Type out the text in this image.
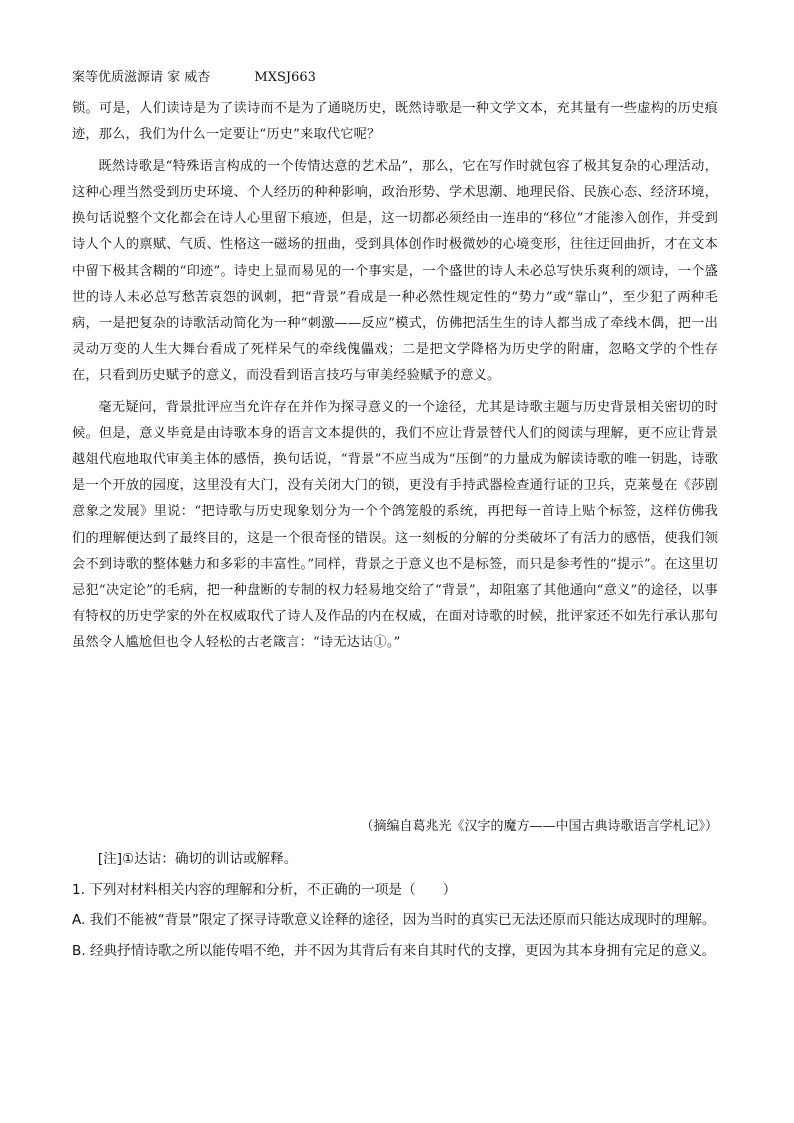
案等优质滋源请 家 威杏	MXSJ663

锁。可是，人们读诗是为了读诗而不是为了通晓历史，既然诗歌是一种文学文本，充其量有一些虚构的历史痕迹，那么，我们为什么一定要让“历史”来取代它呢？

既然诗歌是“特殊语言构成的一个传情达意的艺术品”，那么，它在写作时就包容了极其复杂的心理活动，这种心理当然受到历史环境、个人经历的种种影响，政治形势、学术思潮、地理民俗、民族心态、经济环境，换句话说整个文化都会在诗人心里留下痕迹，但是，这一切都必须经由一连串的“移位”才能渗入创作，并受到诗人个人的禀赋、气质、性格这一磁场的扭曲，受到具体创作时极微妙的心境变形，往往迂回曲折，才在文本中留下极其含糊的“印迹”。诗史上显而易见的一个事实是，一个盛世的诗人未必总写快乐爽利的颂诗，一个盛世的诗人未必总写愁苦哀怨的讽刺，把“背景”看成是一种必然性规定性的“势力”或“靠山”，至少犯了两种毛病，一是把复杂的诗歌活动简化为一种“刺激——反应”模式，仿佛把活生生的诗人都当成了牵线木偶，把一出灵动万变的人生大舞台看成了死样呆气的牵线傀儡戏；二是把文学降格为历史学的附庸，忽略文学的个性存在，只看到历史赋予的意义，而没看到语言技巧与审美经验赋予的意义。

毫无疑问，背景批评应当允许存在并作为探寻意义的一个途径，尤其是诗歌主题与历史背景相关密切的时候。但是，意义毕竟是由诗歌本身的语言文本提供的，我们不应让背景替代人们的阅读与理解，更不应让背景越俎代庖地取代审美主体的感悟，换句话说，“背景”不应当成为“压倒”的力量成为解读诗歌的唯一钥匙，诗歌是一个开放的园度，这里没有大门，没有关闭大门的锁，更没有手持武器检查通行证的卫兵，克莱曼在《莎剧意象之发展》里说：“把诗歌与历史现象划分为一个个鸽笼般的系统，再把每一首诗上贴个标签，这样仿佛我们的理解便达到了最终目的，这是一个很奇怪的错误。这一刻板的分解的分类破坏了有活力的感悟，使我们领会不到诗歌的整体魅力和多彩的丰富性。”同样，背景之于意义也不是标签，而只是参考性的“提示”。在这里切忌犯“决定论”的毛病，把一种盘断的专制的权力轻易地交给了“背景”，却阻塞了其他通向“意义”的途径，以事有特权的历史学家的外在权威取代了诗人及作品的内在权威，在面对诗歌的时候，批评家还不如先行承认那句虽然令人尴尬但也令人轻松的古老箴言：“诗无达诂①。”

（摘编自葛兆光《汉字的魔方——中国古典诗歌语言学札记》）

[注]①达诂：确切的训诂或解释。

1. 下列对材料相关内容的理解和分析，不正确的一项是（　　）

A. 我们不能被“背景”限定了探寻诗歌意义诠释的途径，因为当时的真实已无法还原而只能达成现时的理解。

B. 经典抒情诗歌之所以能传唱不绝，并不因为其背后有来自其时代的支撑，更因为其本身拥有完足的意义。
